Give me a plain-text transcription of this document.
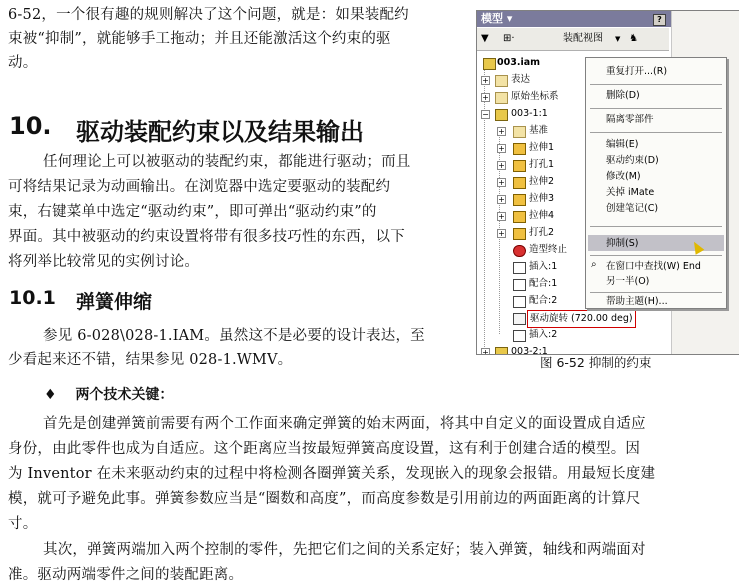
6-52，一个很有趣的规则解决了这个问题，就是：如果装配约
束被“抑制”，就能够手工拖动；并且还能激活这个约束的驱
动。
10. 驱动装配约束以及结果输出
任何理论上可以被驱动的装配约束，都能进行驱动；而且
可将结果记录为动画输出。在浏览器中选定要驱动的装配约
束，右键菜单中选定“驱动约束”，即可弹出“驱动约束”的
界面。其中被驱动的约束设置将带有很多技巧性的东西，以下
将列举比较常见的实例讨论。
10.1 弹簧伸缩
参见 6-028\028-1.IAM。虽然这不是必要的设计表达，至
少看起来还不错，结果参见 028-1.WMV。
模型 ▾	?
▼ ⊞·	装配视图 ▼ ♞
003.iam
+ 表达
+ 原始坐标系
− 003-1:1
+	基准
+	拉伸1
+	打孔1
+	拉伸2
+	拉伸3
+	拉伸4
+	打孔2
造型终止
插入:1
配合:1
配合:2
驱动旋转 (720.00 deg)
插入:2
+ 003-2:1
重复打开...(R)
删除(D)
隔离零部件
编辑(E)
驱动约束(D)
修改(M)
关掉 iMate
创建笔记(C)
抑制(S)
⌕ 在窗口中查找(W) End
另一半(O)
帮助主题(H)...
图 6-52 抑制的约束
♦ 两个技术关键：
首先是创建弹簧前需要有两个工作面来确定弹簧的始末两面，将其中自定义的面设置成自适应
身份，由此零件也成为自适应。这个距离应当按最短弹簧高度设置，这有利于创建合适的模型。因
为 Inventor 在未来驱动约束的过程中将检测各圈弹簧关系，发现嵌入的现象会报错。用最短长度建
模，就可予避免此事。弹簧参数应当是“圈数和高度”，而高度参数是引用前边的两面距离的计算尺
寸。
其次，弹簧两端加入两个控制的零件，先把它们之间的关系定好；装入弹簧，轴线和两端面对
准。驱动两端零件之间的装配距离。
